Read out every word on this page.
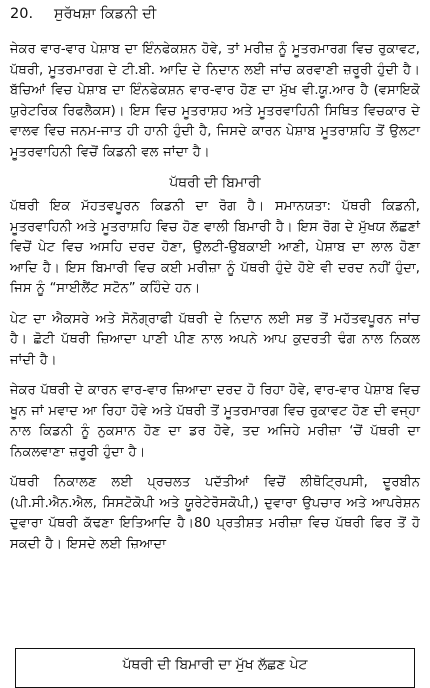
20. ਸੁਰੱਖਸ਼ਾ ਕਿਡਨੀ ਦੀ

ਜੇਕਰ ਵਾਰ-ਵਾਰ ਪੇਸ਼ਾਬ ਦਾ ਇੰਨਫੇਕਸ਼ਨ ਹੋਵੇ, ਤਾਂ ਮਰੀਜ਼ ਨੂੰ ਮੂਤਰਮਾਰਗ ਵਿਚ ਰੁਕਾਵਟ, ਪੱਥਰੀ, ਮੂਤਰਮਾਰਗ ਦੇ ਟੀ.ਬੀ. ਆਦਿ ਦੇ ਨਿਦਾਨ ਲਈ ਜਾਂਚ ਕਰਵਾਣੀ ਜ਼ਰੂਰੀ ਹੁੰਦੀ ਹੈ। ਬੱਚਿਆਂ ਵਿਚ ਪੇਸ਼ਾਬ ਦਾ ਇੰਨਫੇਕਸ਼ਨ ਵਾਰ-ਵਾਰ ਹੋਣ ਦਾ ਮੁੱਖ ਵੀ.ਯੂ.ਆਰ ਹੈ (ਵਸਾਇਕੋ ਯੁਰੇਟਰਿਕ ਰਿਫਲੈਕਸ)। ਇਸ ਵਿਚ ਮੂਤਰਾਸ਼ਹ ਅਤੇ ਮੂਤਰਵਾਹਿਨੀ ਸਿਥਿਤ ਵਿਚਕਾਰ ਦੇ ਵਾਲਵ ਵਿਚ ਜਨਮ-ਜਾਤ ਹੀ ਹਾਨੀ ਹੁੰਦੀ ਹੈ, ਜਿਸਦੇ ਕਾਰਨ ਪੇਸ਼ਾਬ ਮੂਤਰਾਸ਼ਹਿ ਤੋਂ ਉਲਟਾ ਮੂਤਰਵਾਹਿਨੀ ਵਿਚੋਂ ਕਿਡਨੀ ਵਲ ਜਾਂਦਾ ਹੈ।

ਪੱਥਰੀ ਦੀ ਬਿਮਾਰੀ

ਪੱਥਰੀ ਇਕ ਮੱਹਤਵਪੂਰਨ ਕਿਡਨੀ ਦਾ ਰੋਗ ਹੈ। ਸਮਾਨਯਤਾ: ਪੱਥਰੀ ਕਿਡਨੀ, ਮੂਤਰਵਾਹਿਨੀ ਅਤੇ ਮੂਤਰਾਸ਼ਹਿ ਵਿਚ ਹੋਣ ਵਾਲੀ ਬਿਮਾਰੀ ਹੈ। ਇਸ ਰੋਗ ਦੇ ਮੁੱਖਯ ਲੱਛਣਾਂ ਵਿਚੋਂ ਪੇਟ ਵਿਚ ਅਸਹਿ ਦਰਦ ਹੋਣਾ, ਉਲਟੀ-ਉਬਕਾਈ ਆਣੀ, ਪੇਸ਼ਾਬ ਦਾ ਲਾਲ ਹੋਣਾ ਆਦਿ ਹੈ। ਇਸ ਬਿਮਾਰੀ ਵਿਚ ਕਈ ਮਰੀਜ਼ਾ ਨੂੰ ਪੱਥਰੀ ਹੁੰਦੇ ਹੋਏ ਵੀ ਦਰਦ ਨਹੀਂ ਹੁੰਦਾ, ਜਿਸ ਨੂੰ “ਸਾਈਲੈਂਟ ਸਟੋਨ” ਕਹਿੰਦੇ ਹਨ।

ਪੇਟ ਦਾ ਐਕਸਰੇ ਅਤੇ ਸੋਨੋਗ੍ਰਾਫੀ ਪੱਥਰੀ ਦੇ ਨਿਦਾਨ ਲਈ ਸਭ ਤੋਂ ਮਹੱਤਵਪੂਰਨ ਜਾਂਚ ਹੈ। ਛੋਟੀ ਪੱਥਰੀ ਜ਼ਿਆਦਾ ਪਾਣੀ ਪੀਣ ਨਾਲ ਅਪਨੇ ਆਪ ਕੁਦਰਤੀ ਢੰਗ ਨਾਲ ਨਿਕਲ ਜਾਂਦੀ ਹੈ।

ਜੇਕਰ ਪੱਥਰੀ ਦੇ ਕਾਰਨ ਵਾਰ-ਵਾਰ ਜ਼ਿਆਦਾ ਦਰਦ ਹੋ ਰਿਹਾ ਹੋਵੇ, ਵਾਰ-ਵਾਰ ਪੇਸ਼ਾਬ ਵਿਚ ਖੂਨ ਜਾਂ ਮਵਾਦ ਆ ਰਿਹਾ ਹੋਵੇ ਅਤੇ ਪੱਥਰੀ ਤੋਂ ਮੂਤਰਮਾਰਗ ਵਿਚ ਰੁਕਾਵਟ ਹੋਣ ਦੀ ਵਜ੍ਹਾ ਨਾਲ ਕਿਡਨੀ ਨੂੰ ਨੁਕਸਾਨ ਹੋਣ ਦਾ ਡਰ ਹੋਵੇ, ਤਦ ਅਜਿਹੇ ਮਰੀਜ਼ਾ ‘ਚੋਂ ਪੱਥਰੀ ਦਾ ਨਿਕਲਵਾਣਾ ਜ਼ਰੂਰੀ ਹੁੰਦਾ ਹੈ।

ਪੱਥਰੀ ਨਿਕਾਲਣ ਲਈ ਪ੍ਰਚਲਤ ਪਦੱਤੀਆਂ ਵਿਚੋਂ ਲੀਥੋਟ੍ਰਿਪਸੀ, ਦੂਰਬੀਨ (ਪੀ.ਸੀ.ਐਨ.ਐਲ, ਸਿਸਟੋਕੋਪੀ ਅਤੇ ਯੂਰੇਟੇਰੋਸਕੋਪੀ,) ਦੁਵਾਰਾ ਉਪਚਾਰ ਅਤੇ ਆਪਰੇਸ਼ਨ ਦੁਵਾਰਾ ਪੱਥਰੀ ਕੱਢਣਾ ਇਤਿਆਦਿ ਹੈ।80 ਪ੍ਰਤੀਸ਼ਤ ਮਰੀਜ਼ਾ ਵਿਚ ਪੱਥਰੀ ਫਿਰ ਤੋਂ ਹੋ ਸਕਦੀ ਹੈ। ਇਸਦੇ ਲਈ ਜ਼ਿਆਦਾ

ਪੱਥਰੀ ਦੀ ਬਿਮਾਰੀ ਦਾ ਮੁੱਖ ਲੱਛਣ ਪੇਟ
